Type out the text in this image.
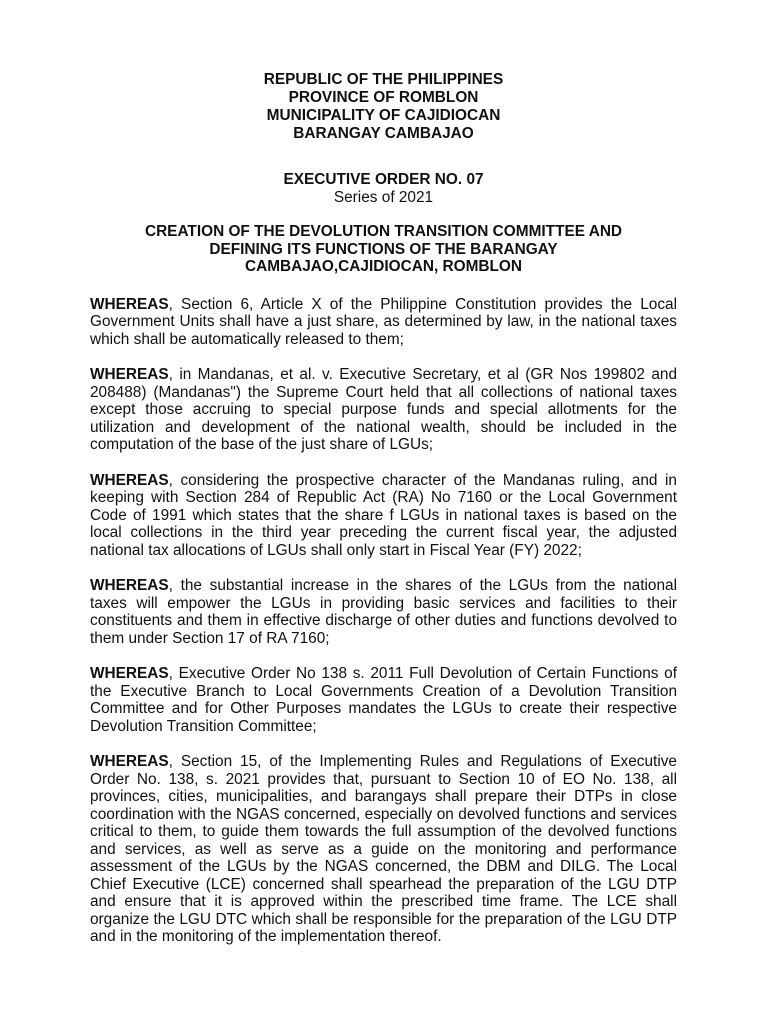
REPUBLIC OF THE PHILIPPINES
PROVINCE OF ROMBLON
MUNICIPALITY OF CAJIDIOCAN
BARANGAY CAMBAJAO
EXECUTIVE ORDER NO. 07
Series of 2021
CREATION OF THE DEVOLUTION TRANSITION COMMITTEE AND
DEFINING ITS FUNCTIONS OF THE BARANGAY
CAMBAJAO,CAJIDIOCAN, ROMBLON

WHEREAS, Section 6, Article X of the Philippine Constitution provides the Local Government Units shall have a just share, as determined by law, in the national taxes which shall be automatically released to them;

WHEREAS, in Mandanas, et al. v. Executive Secretary, et al (GR Nos 199802 and 208488) (Mandanas") the Supreme Court held that all collections of national taxes except those accruing to special purpose funds and special allotments for the utilization and development of the national wealth, should be included in the computation of the base of the just share of LGUs;

WHEREAS, considering the prospective character of the Mandanas ruling, and in keeping with Section 284 of Republic Act (RA) No 7160 or the Local Government Code of 1991 which states that the share f LGUs in national taxes is based on the local collections in the third year preceding the current fiscal year, the adjusted national tax allocations of LGUs shall only start in Fiscal Year (FY) 2022;

WHEREAS, the substantial increase in the shares of the LGUs from the national taxes will empower the LGUs in providing basic services and facilities to their constituents and them in effective discharge of other duties and functions devolved to them under Section 17 of RA 7160;

WHEREAS, Executive Order No 138 s. 2011 Full Devolution of Certain Functions of the Executive Branch to Local Governments Creation of a Devolution Transition Committee and for Other Purposes mandates the LGUs to create their respective Devolution Transition Committee;

WHEREAS, Section 15, of the Implementing Rules and Regulations of Executive Order No. 138, s. 2021 provides that, pursuant to Section 10 of EO No. 138, all provinces, cities, municipalities, and barangays shall prepare their DTPs in close coordination with the NGAS concerned, especially on devolved functions and services critical to them, to guide them towards the full assumption of the devolved functions and services, as well as serve as a guide on the monitoring and performance assessment of the LGUs by the NGAS concerned, the DBM and DILG. The Local Chief Executive (LCE) concerned shall spearhead the preparation of the LGU DTP and ensure that it is approved within the prescribed time frame. The LCE shall organize the LGU DTC which shall be responsible for the preparation of the LGU DTP and in the monitoring of the implementation thereof.
